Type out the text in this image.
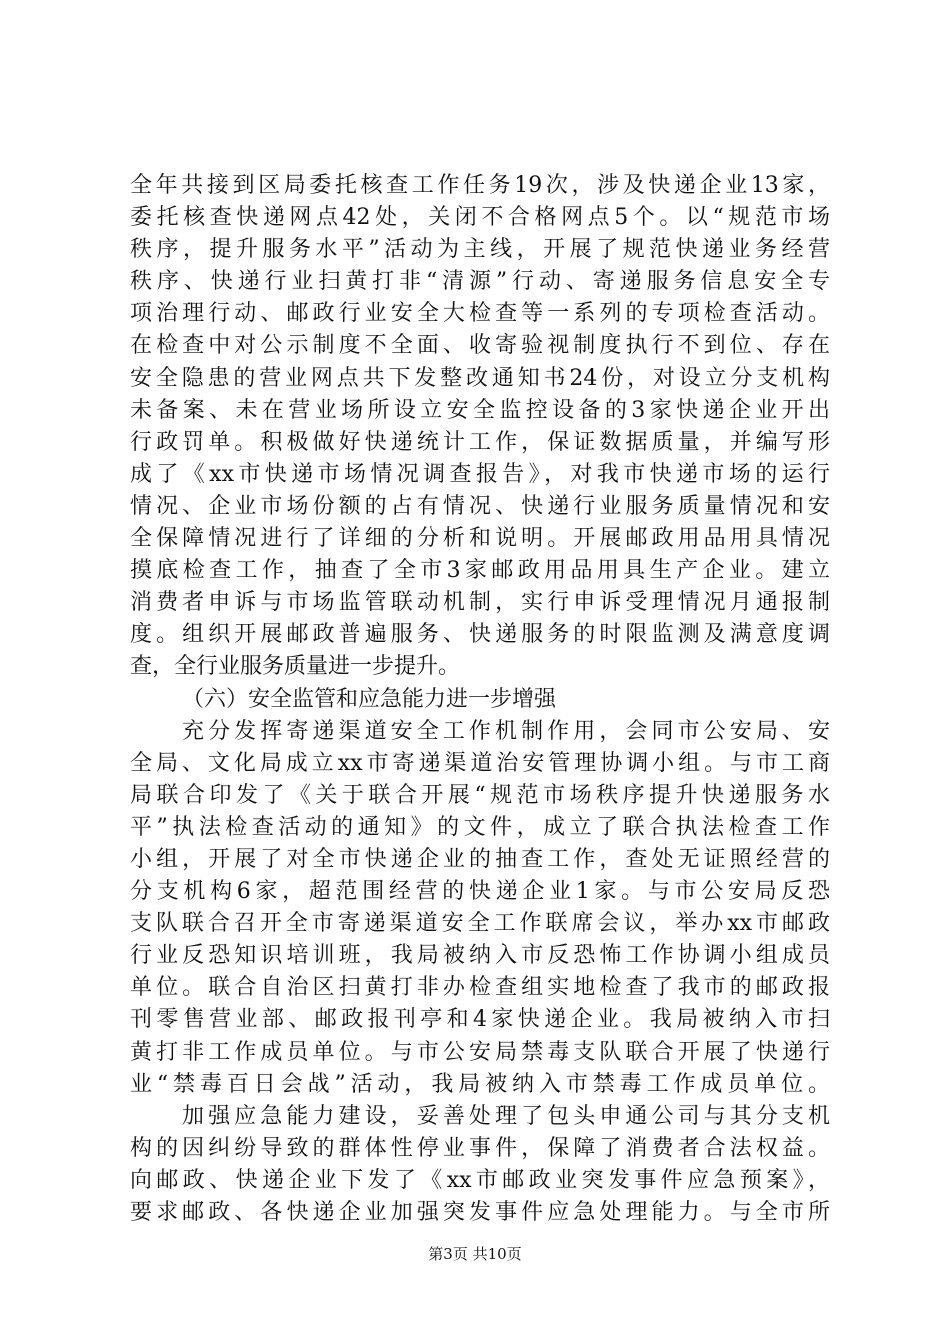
全年共接到区局委托核查工作任务19次，涉及快递企业13家，
委托核查快递网点42处，关闭不合格网点5个。以“规范市场
秩序，提升服务水平”活动为主线，开展了规范快递业务经营
秩序、快递行业扫黄打非“清源”行动、寄递服务信息安全专
项治理行动、邮政行业安全大检查等一系列的专项检查活动。
在检查中对公示制度不全面、收寄验视制度执行不到位、存在
安全隐患的营业网点共下发整改通知书24份，对设立分支机构
未备案、未在营业场所设立安全监控设备的3家快递企业开出
行政罚单。积极做好快递统计工作，保证数据质量，并编写形
成了《xx市快递市场情况调查报告》，对我市快递市场的运行
情况、企业市场份额的占有情况、快递行业服务质量情况和安
全保障情况进行了详细的分析和说明。开展邮政用品用具情况
摸底检查工作，抽查了全市3家邮政用品用具生产企业。建立
消费者申诉与市场监管联动机制，实行申诉受理情况月通报制
度。组织开展邮政普遍服务、快递服务的时限监测及满意度调
查，全行业服务质量进一步提升。
（六）安全监管和应急能力进一步增强
充分发挥寄递渠道安全工作机制作用，会同市公安局、安
全局、文化局成立xx市寄递渠道治安管理协调小组。与市工商
局联合印发了《关于联合开展“规范市场秩序提升快递服务水
平”执法检查活动的通知》的文件，成立了联合执法检查工作
小组，开展了对全市快递企业的抽查工作，查处无证照经营的
分支机构6家，超范围经营的快递企业1家。与市公安局反恐
支队联合召开全市寄递渠道安全工作联席会议，举办xx市邮政
行业反恐知识培训班，我局被纳入市反恐怖工作协调小组成员
单位。联合自治区扫黄打非办检查组实地检查了我市的邮政报
刊零售营业部、邮政报刊亭和4家快递企业。我局被纳入市扫
黄打非工作成员单位。与市公安局禁毒支队联合开展了快递行
业“禁毒百日会战”活动，我局被纳入市禁毒工作成员单位。
加强应急能力建设，妥善处理了包头申通公司与其分支机
构的因纠纷导致的群体性停业事件，保障了消费者合法权益。
向邮政、快递企业下发了《xx市邮政业突发事件应急预案》，
要求邮政、各快递企业加强突发事件应急处理能力。与全市所
第3页 共10页
